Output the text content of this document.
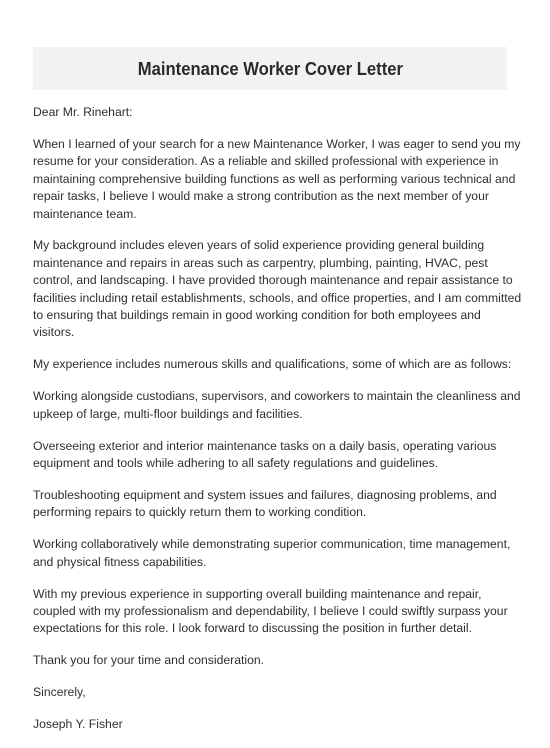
Maintenance Worker Cover Letter

Dear Mr. Rinehart:

When I learned of your search for a new Maintenance Worker, I was eager to send you my resume for your consideration. As a reliable and skilled professional with experience in maintaining comprehensive building functions as well as performing various technical and repair tasks, I believe I would make a strong contribution as the next member of your maintenance team.

My background includes eleven years of solid experience providing general building maintenance and repairs in areas such as carpentry, plumbing, painting, HVAC, pest control, and landscaping. I have provided thorough maintenance and repair assistance to facilities including retail establishments, schools, and office properties, and I am committed to ensuring that buildings remain in good working condition for both employees and visitors.

My experience includes numerous skills and qualifications, some of which are as follows:

Working alongside custodians, supervisors, and coworkers to maintain the cleanliness and upkeep of large, multi-floor buildings and facilities.

Overseeing exterior and interior maintenance tasks on a daily basis, operating various equipment and tools while adhering to all safety regulations and guidelines.

Troubleshooting equipment and system issues and failures, diagnosing problems, and performing repairs to quickly return them to working condition.

Working collaboratively while demonstrating superior communication, time management, and physical fitness capabilities.

With my previous experience in supporting overall building maintenance and repair, coupled with my professionalism and dependability, I believe I could swiftly surpass your expectations for this role. I look forward to discussing the position in further detail.

Thank you for your time and consideration.

Sincerely,

Joseph Y. Fisher
